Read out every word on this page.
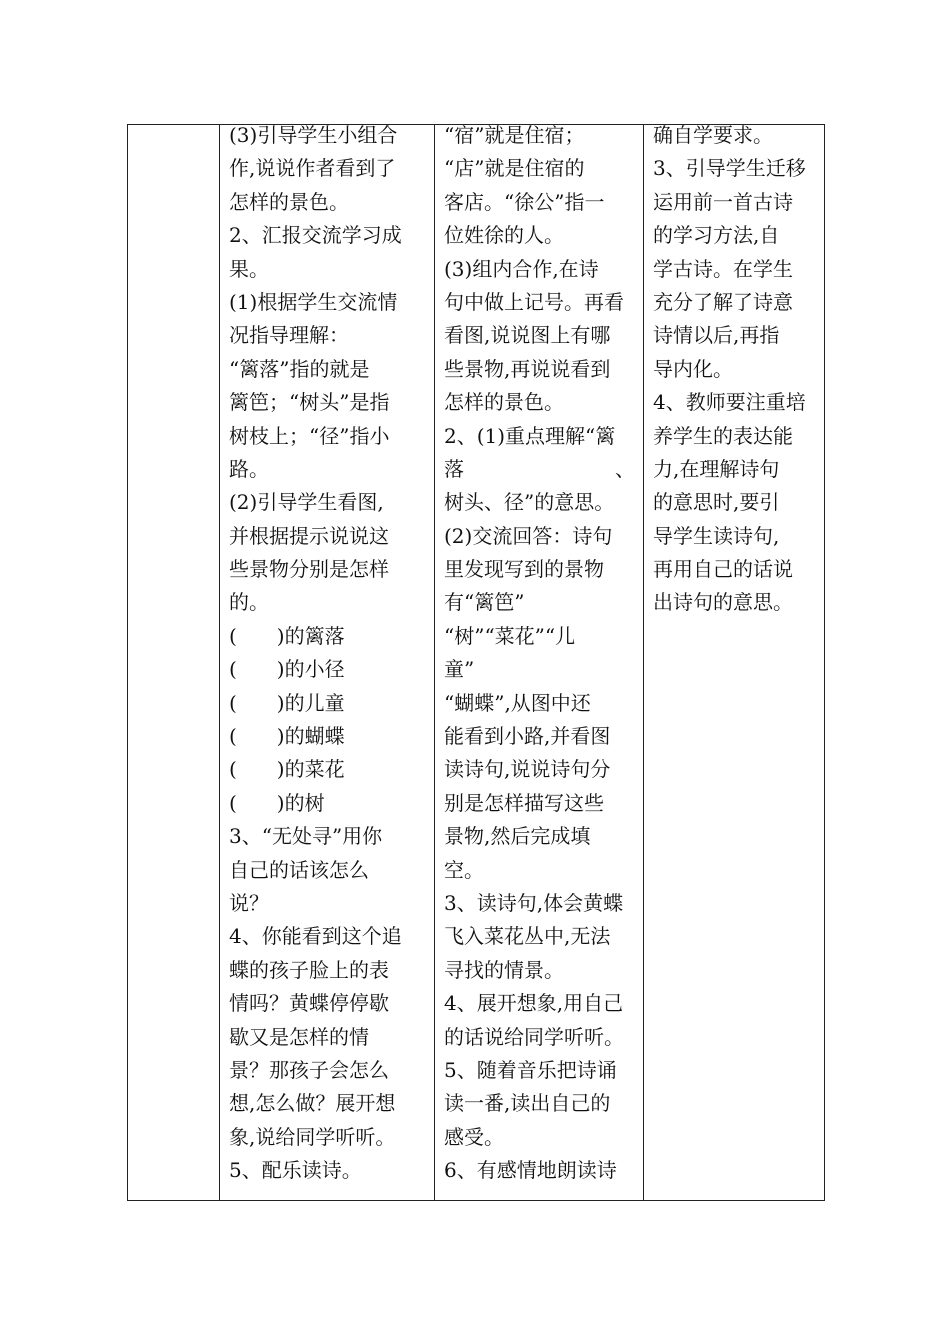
(3)引导学生小组合
作,说说作者看到了
怎样的景色。
2、汇报交流学习成
果。
(1)根据学生交流情
况指导理解：
“篱落”指的就是
篱笆；“树头”是指
树枝上；“径”指小
路。
(2)引导学生看图,
并根据提示说说这
些景物分别是怎样
的。
(　　)的篱落
(　　)的小径
(　　)的儿童
(　　)的蝴蝶
(　　)的菜花
(　　)的树
3、“无处寻”用你
自己的话该怎么
说？
4、你能看到这个追
蝶的孩子脸上的表
情吗？黄蝶停停歇
歇又是怎样的情
景？那孩子会怎么
想,怎么做？展开想
象,说给同学听听。
5、配乐读诗。

“宿”就是住宿；
“店”就是住宿的
客店。“徐公”指一
位姓徐的人。
(3)组内合作,在诗
句中做上记号。再看
看图,说说图上有哪
些景物,再说说看到
怎样的景色。
2、(1)重点理解“篱
落	、
树头、径”的意思。
(2)交流回答：诗句
里发现写到的景物
有“篱笆”
“树”“菜花”“儿
童”
“蝴蝶”,从图中还
能看到小路,并看图
读诗句,说说诗句分
别是怎样描写这些
景物,然后完成填
空。
3、读诗句,体会黄蝶
飞入菜花丛中,无法
寻找的情景。
4、展开想象,用自己
的话说给同学听听。
5、随着音乐把诗诵
读一番,读出自己的
感受。
6、有感情地朗读诗

确自学要求。
3、引导学生迁移
运用前一首古诗
的学习方法,自
学古诗。在学生
充分了解了诗意
诗情以后,再指
导内化。
4、教师要注重培
养学生的表达能
力,在理解诗句
的意思时,要引
导学生读诗句,
再用自己的话说
出诗句的意思。
